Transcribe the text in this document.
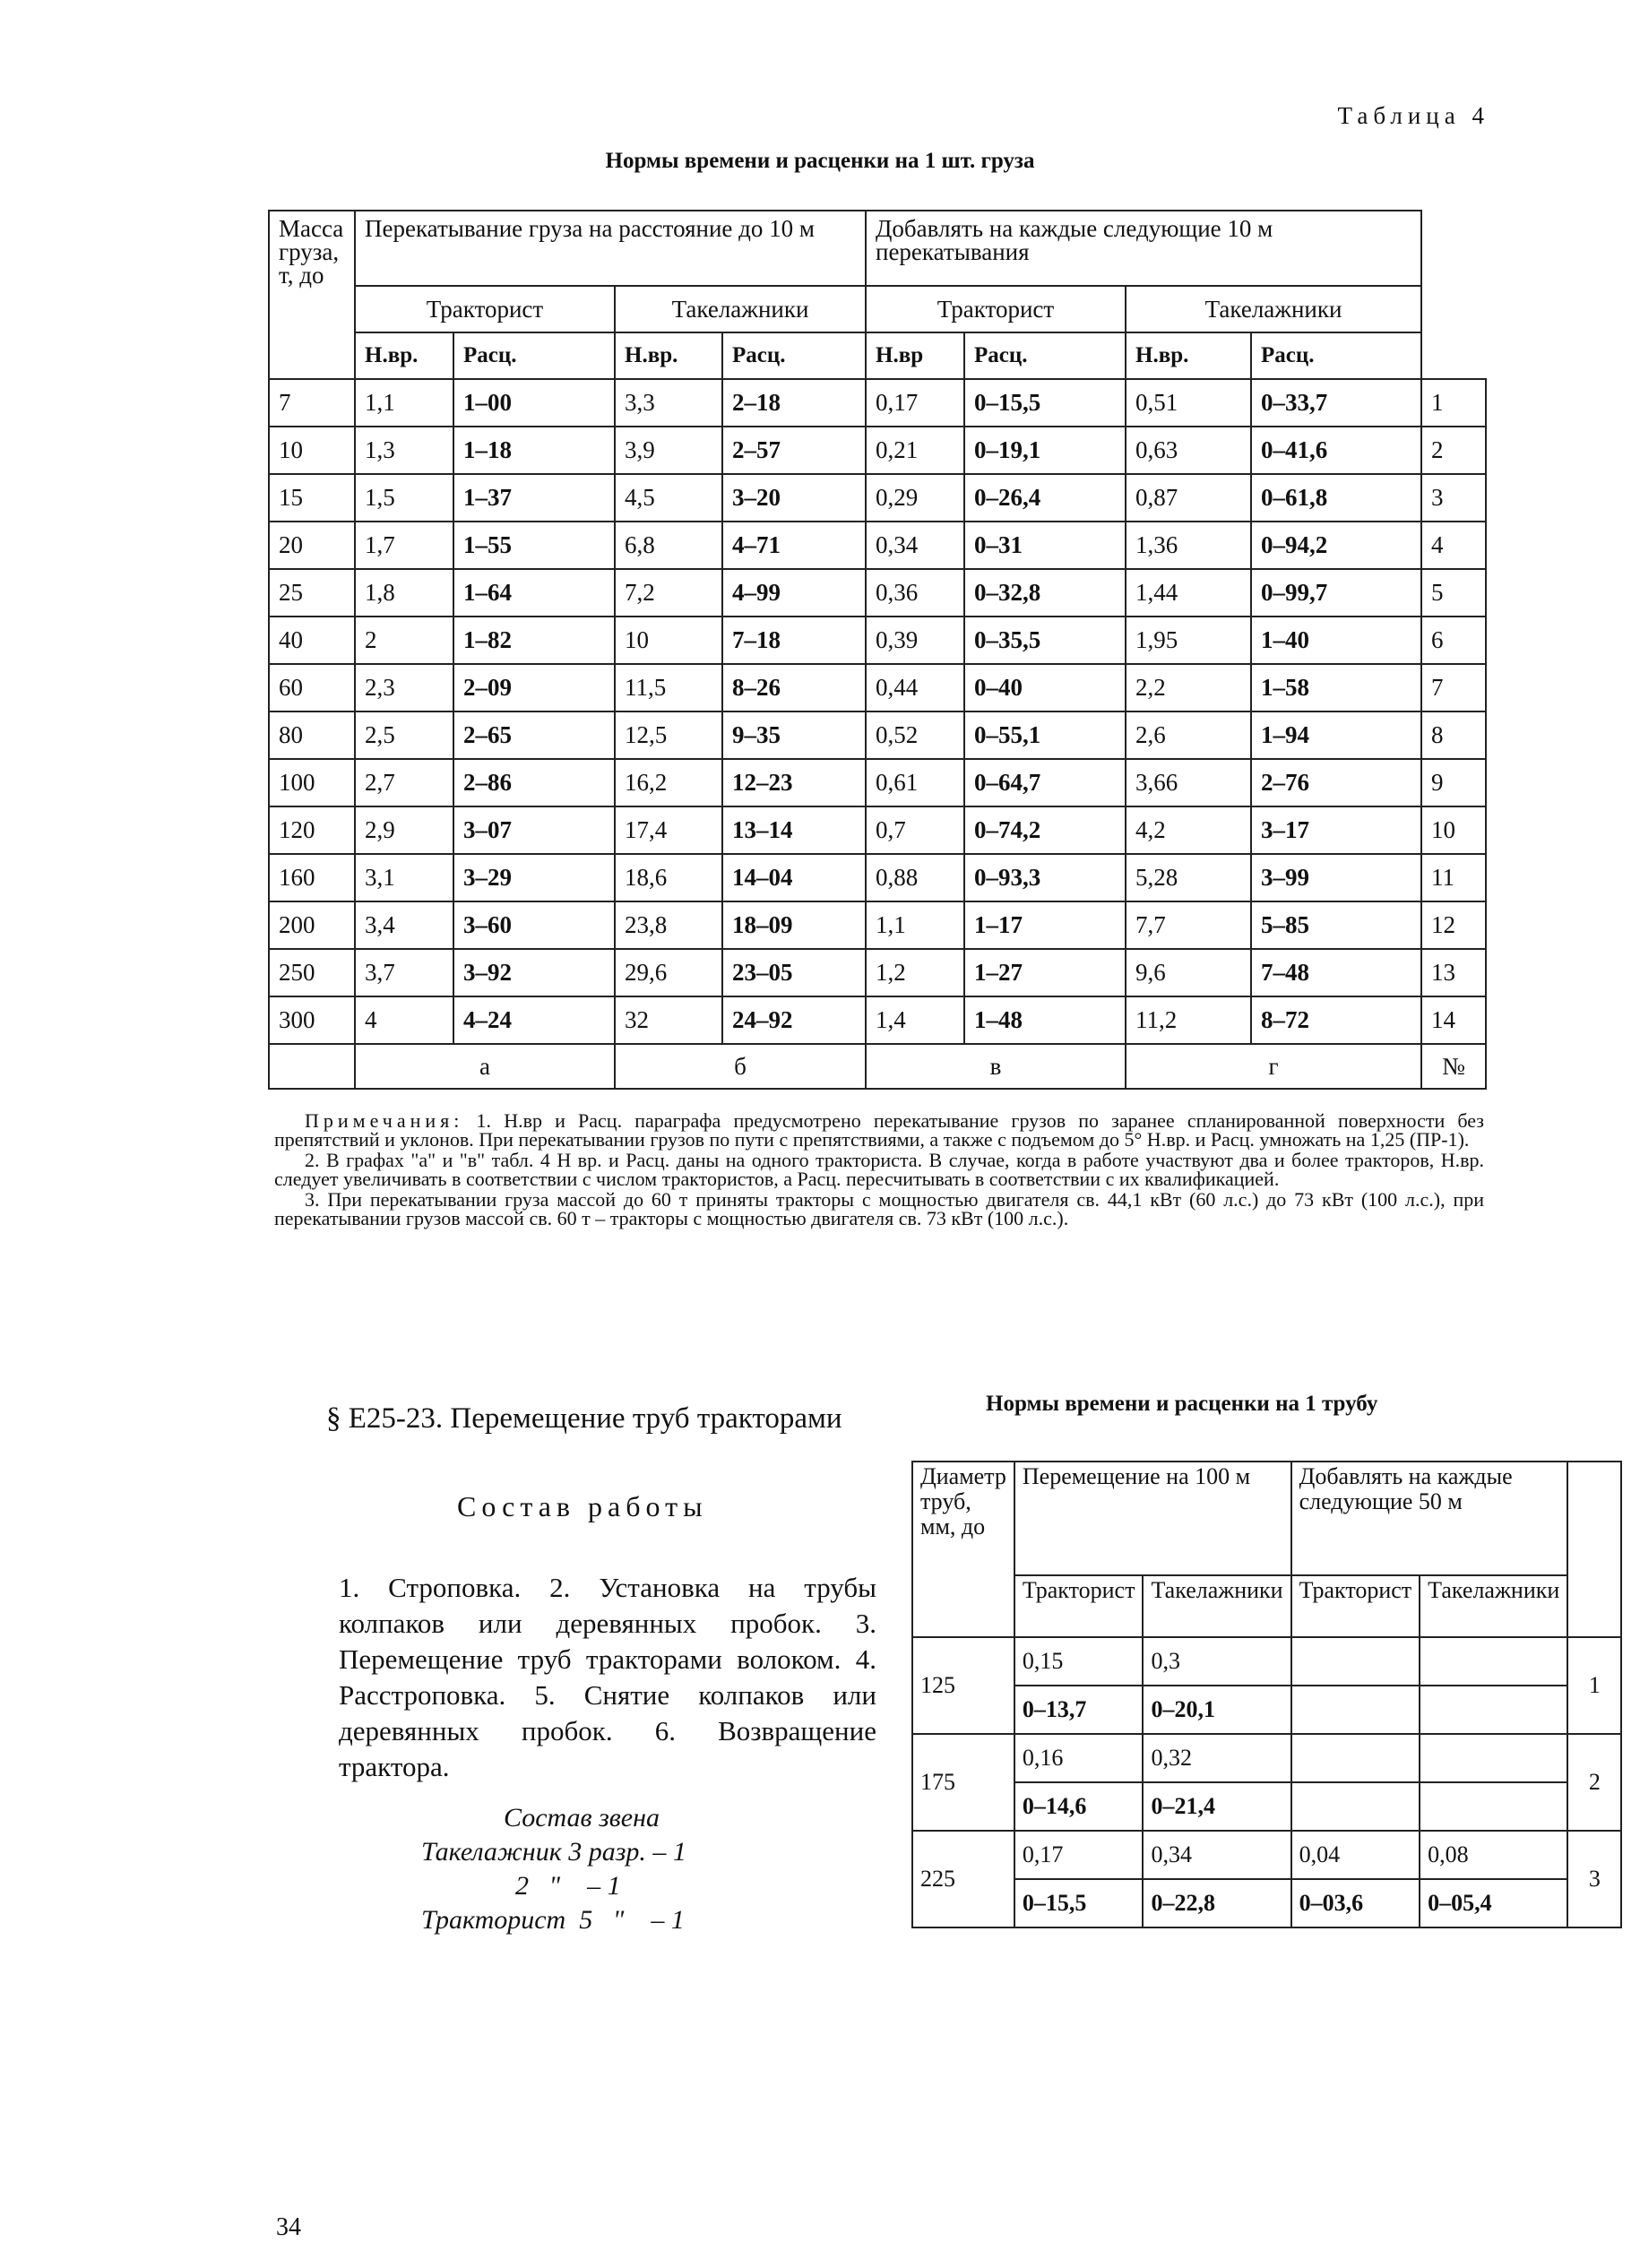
Таблица 4
Нормы времени и расценки на 1 шт. груза
Масса груза, т, до	Перекатывание груза на расстояние до 10 м				Добавлять на каждые следующие 10 м перекатывания				
	Тракторист		Такелажники		Тракторист		Такелажники		
	Н.вр.	Расц.	Н.вр.	Расц.	Н.вр	Расц.	Н.вр.	Расц.	
7	1,1	1–00	3,3	2–18	0,17	0–15,5	0,51	0–33,7	1
10	1,3	1–18	3,9	2–57	0,21	0–19,1	0,63	0–41,6	2
15	1,5	1–37	4,5	3–20	0,29	0–26,4	0,87	0–61,8	3
20	1,7	1–55	6,8	4–71	0,34	0–31	1,36	0–94,2	4
25	1,8	1–64	7,2	4–99	0,36	0–32,8	1,44	0–99,7	5
40	2	1–82	10	7–18	0,39	0–35,5	1,95	1–40	6
60	2,3	2–09	11,5	8–26	0,44	0–40	2,2	1–58	7
80	2,5	2–65	12,5	9–35	0,52	0–55,1	2,6	1–94	8
100	2,7	2–86	16,2	12–23	0,61	0–64,7	3,66	2–76	9
120	2,9	3–07	17,4	13–14	0,7	0–74,2	4,2	3–17	10
160	3,1	3–29	18,6	14–04	0,88	0–93,3	5,28	3–99	11
200	3,4	3–60	23,8	18–09	1,1	1–17	7,7	5–85	12
250	3,7	3–92	29,6	23–05	1,2	1–27	9,6	7–48	13
300	4	4–24	32	24–92	1,4	1–48	11,2	8–72	14
	а		б		в		г		№

Примечания: 1. Н.вр и Расц. параграфа предусмотрено перекатывание грузов по заранее спланированной поверхности без препятствий и уклонов. При перекатывании грузов по пути с препятствиями, а также с подъемом до 5° Н.вр. и Расц. умножать на 1,25 (ПР-1).

2. В графах "а" и "в" табл. 4 Н вр. и Расц. даны на одного тракториста. В случае, когда в работе участвуют два и более тракторов, Н.вр. следует увеличивать в соответствии с числом трактористов, а Расц. пересчитывать в соответствии с их квалификацией.

3. При перекатывании груза массой до 60 т приняты тракторы с мощностью двигателя св. 44,1 кВт (60 л.с.) до 73 кВт (100 л.с.), при перекатывании грузов массой св. 60 т – тракторы с мощностью двигателя св. 73 кВт (100 л.с.).

§ Е25-23. Перемещение труб тракторами	Нормы времени и расценки на 1 трубу
Состав работы
1. Строповка. 2. Установка на трубы колпаков или деревянных пробок. 3. Перемещение труб тракторами волоком. 4. Расстроповка. 5. Снятие колпаков или деревянных пробок. 6. Возвращение трактора.
Состав звена
Такелажник 3 разр. – 1
2   "    – 1
Тракторист  5   "    – 1
Диаметр труб, мм, до	Перемещение на 100 м		Добавлять на каждые следующие 50 м		
	Тракторист	Такелажники	Тракторист	Такелажники	
125	0,15	0,3			1
	0–13,7	0–20,1			
175	0,16	0,32			2
	0–14,6	0–21,4			
225	0,17	0,34	0,04	0,08	3
	0–15,5	0–22,8	0–03,6	0–05,4	
34
